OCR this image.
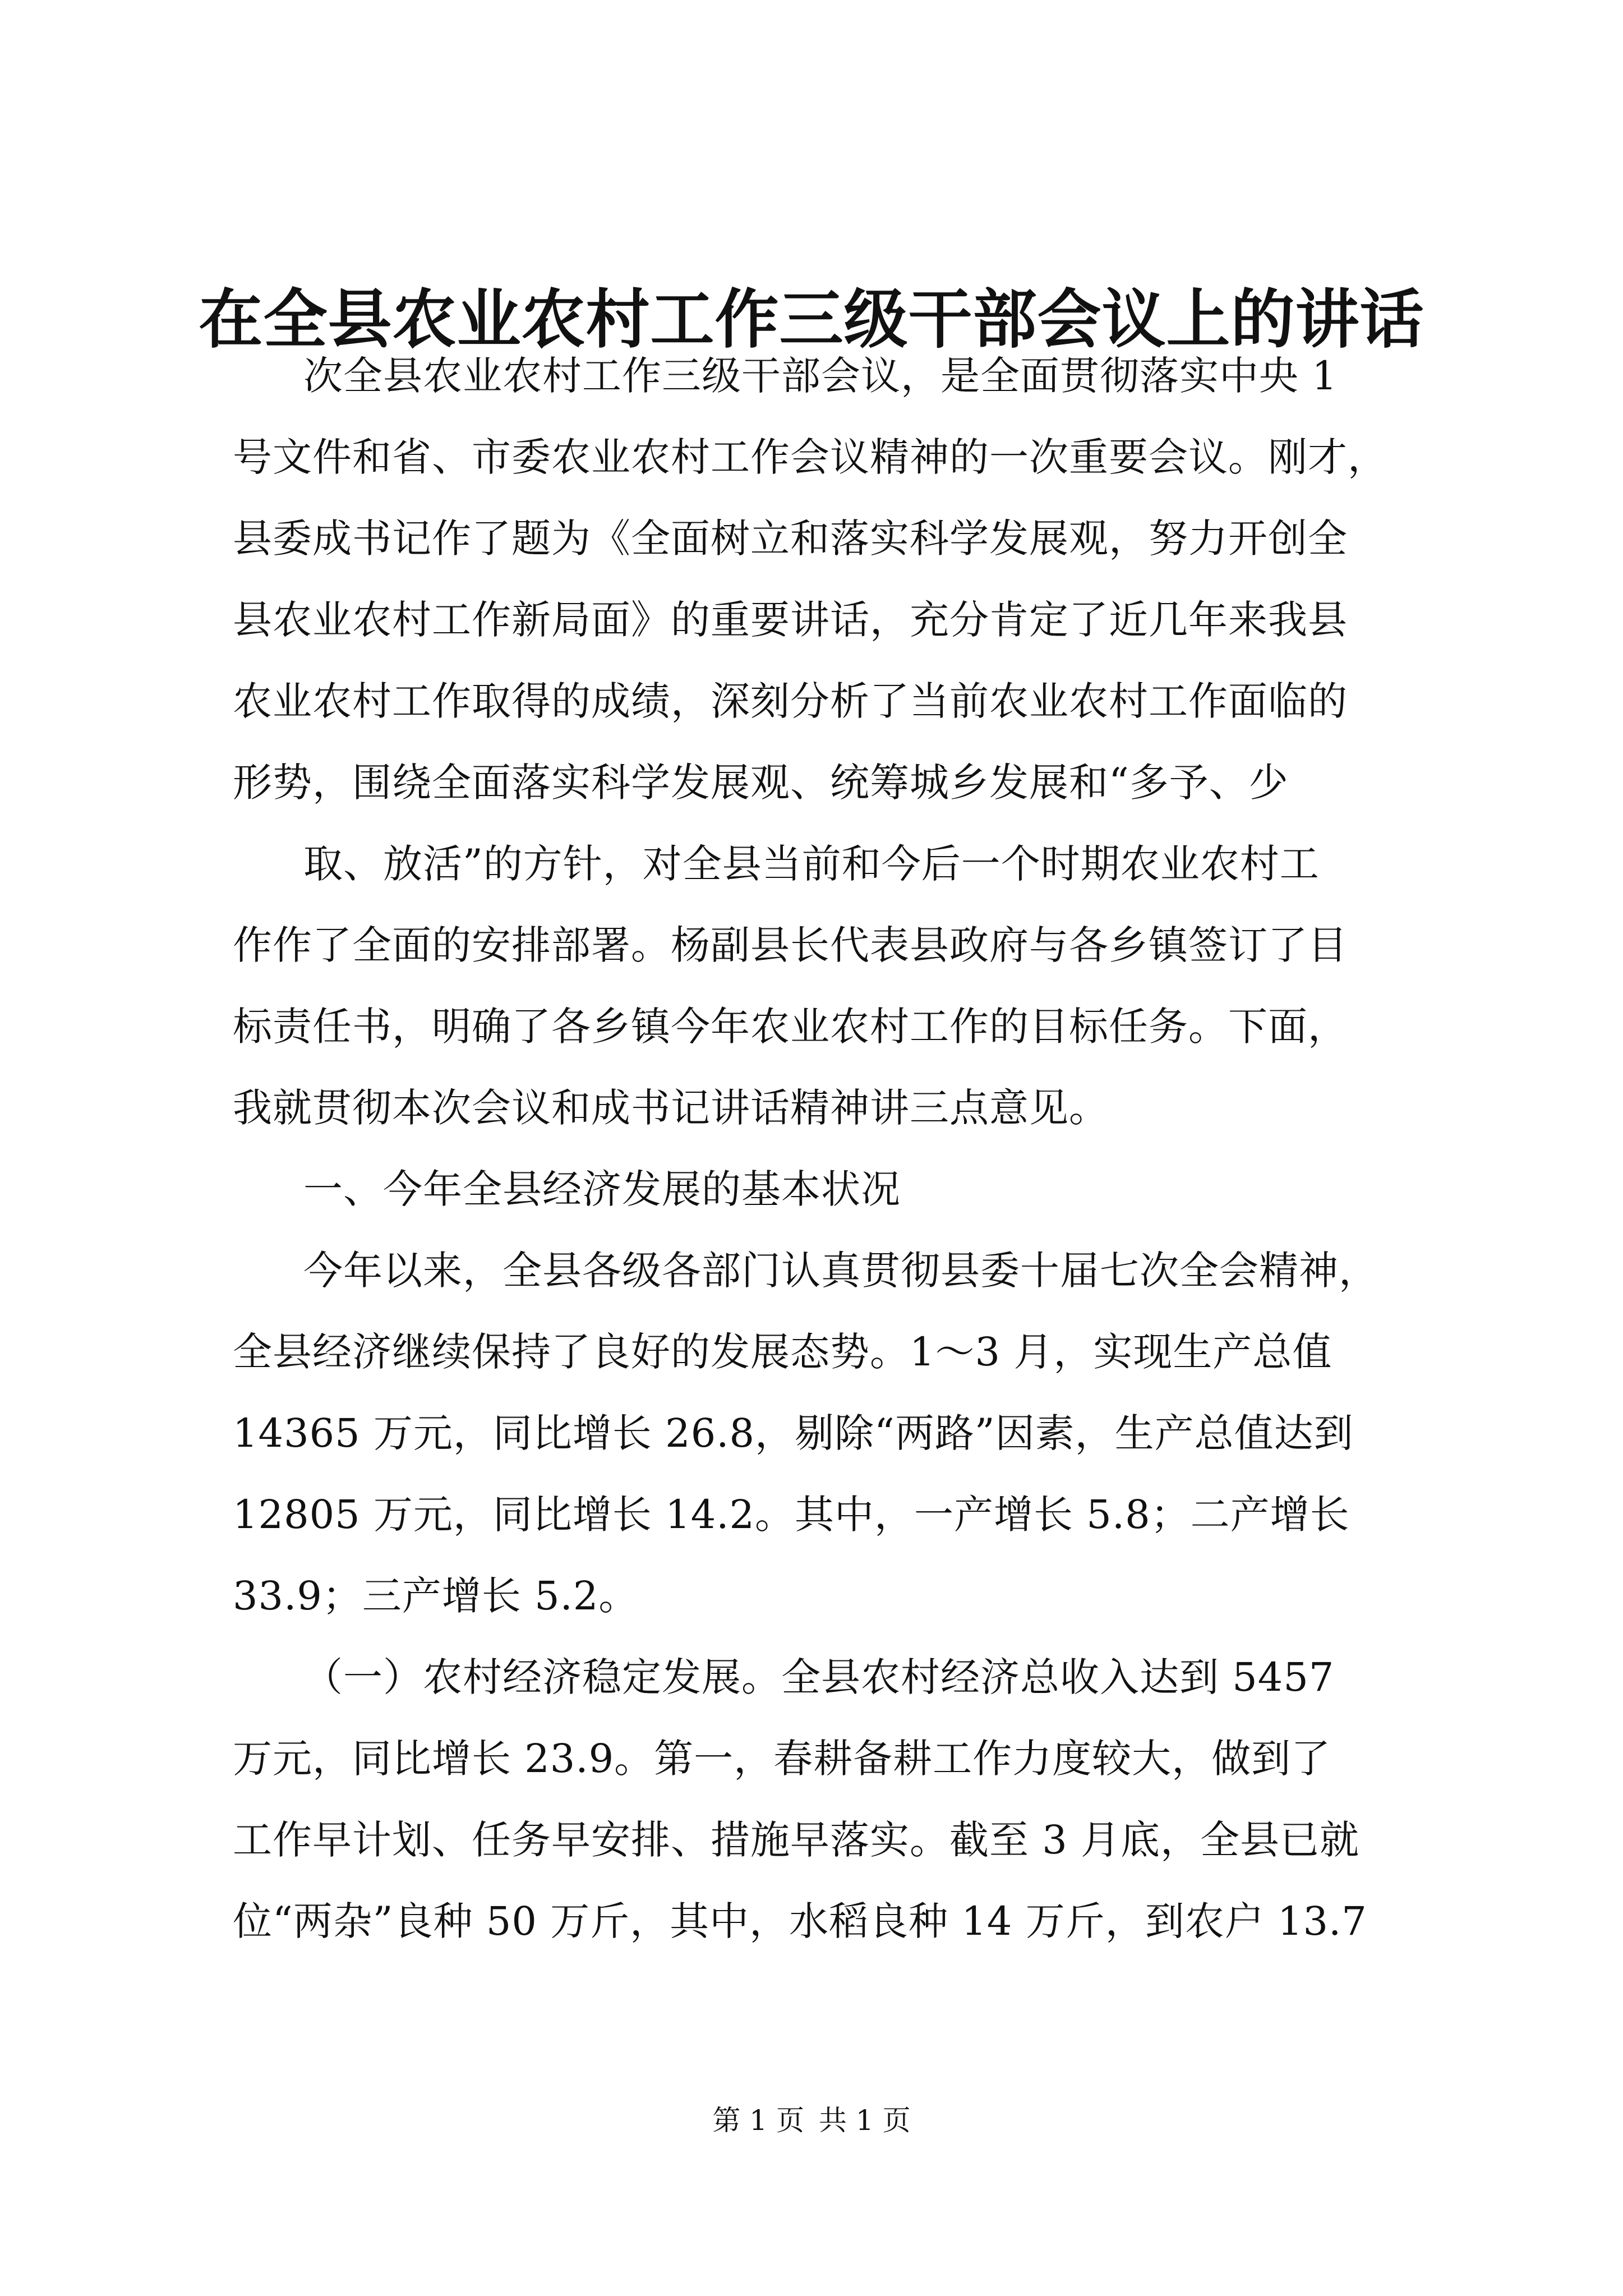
在全县农业农村工作三级干部会议上的讲话
次全县农业农村工作三级干部会议，是全面贯彻落实中央 1
号文件和省、市委农业农村工作会议精神的一次重要会议。刚才，
县委成书记作了题为《全面树立和落实科学发展观，努力开创全
县农业农村工作新局面》的重要讲话，充分肯定了近几年来我县
农业农村工作取得的成绩，深刻分析了当前农业农村工作面临的
形势，围绕全面落实科学发展观、统筹城乡发展和“多予、少
取、放活”的方针，对全县当前和今后一个时期农业农村工
作作了全面的安排部署。杨副县长代表县政府与各乡镇签订了目
标责任书，明确了各乡镇今年农业农村工作的目标任务。下面，
我就贯彻本次会议和成书记讲话精神讲三点意见。
一、今年全县经济发展的基本状况
今年以来，全县各级各部门认真贯彻县委十届七次全会精神，
全县经济继续保持了良好的发展态势。1～3 月，实现生产总值
14365 万元，同比增长 26.8，剔除“两路”因素，生产总值达到
12805 万元，同比增长 14.2。其中，一产增长 5.8；二产增长
33.9；三产增长 5.2。
（一）农村经济稳定发展。全县农村经济总收入达到 5457
万元，同比增长 23.9。第一，春耕备耕工作力度较大，做到了
工作早计划、任务早安排、措施早落实。截至 3 月底，全县已就
位“两杂”良种 50 万斤，其中，水稻良种 14 万斤，到农户 13.7
第 1 页 共 1 页
